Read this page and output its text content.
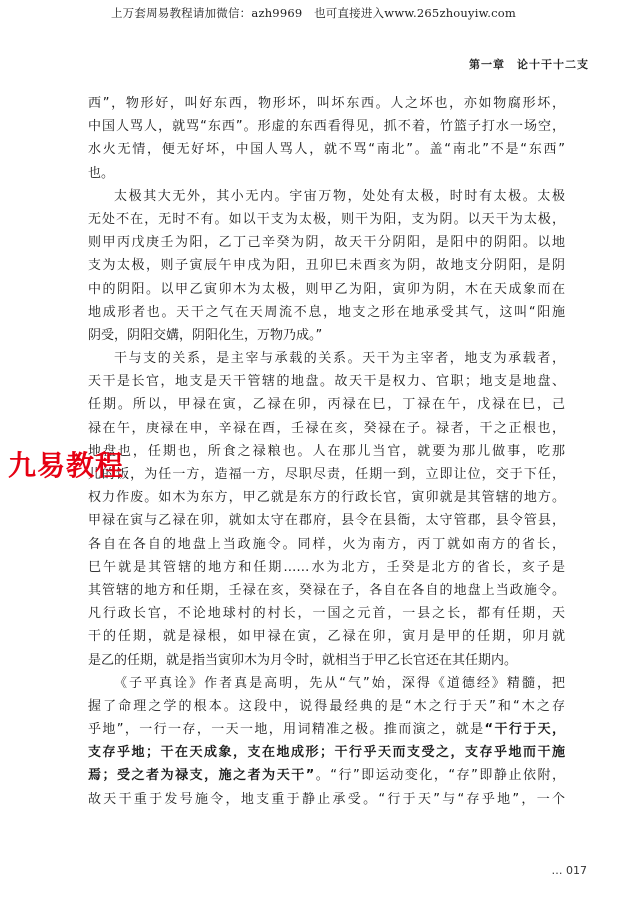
上万套周易教程请加微信：azh9969　也可直接进入www.265zhouyiw.com
第一章　论十干十二支
西”，物形好，叫好东西，物形坏，叫坏东西。人之坏也，亦如物腐形坏，
中国人骂人，就骂“东西”。形虚的东西看得见，抓不着，竹篮子打水一场空，
水火无情，便无好坏，中国人骂人，就不骂“南北”。盖“南北”不是“东西”
也。
太极其大无外，其小无内。宇宙万物，处处有太极，时时有太极。太极
无处不在，无时不有。如以干支为太极，则干为阳，支为阴。以天干为太极，
则甲丙戊庚壬为阳，乙丁己辛癸为阴，故天干分阴阳，是阳中的阴阳。以地
支为太极，则子寅辰午申戌为阳，丑卯巳未酉亥为阴，故地支分阴阳，是阴
中的阴阳。以甲乙寅卯木为太极，则甲乙为阳，寅卯为阴，木在天成象而在
地成形者也。天干之气在天周流不息，地支之形在地承受其气，这叫“阳施
阴受，阴阳交媾，阴阳化生，万物乃成。”
干与支的关系，是主宰与承载的关系。天干为主宰者，地支为承载者，
天干是长官，地支是天干管辖的地盘。故天干是权力、官职；地支是地盘、
任期。所以，甲禄在寅，乙禄在卯，丙禄在巳，丁禄在午，戊禄在巳，己
禄在午，庚禄在申，辛禄在酉，壬禄在亥，癸禄在子。禄者，干之正根也，
地盘也，任期也，所食之禄粮也。人在那儿当官，就要为那儿做事，吃那
儿的饭，为任一方，造福一方，尽职尽责，任期一到，立即让位，交于下任，
权力作废。如木为东方，甲乙就是东方的行政长官，寅卯就是其管辖的地方。
甲禄在寅与乙禄在卯，就如太守在郡府，县令在县衙，太守管郡，县令管县，
各自在各自的地盘上当政施令。同样，火为南方，丙丁就如南方的省长，
巳午就是其管辖的地方和任期……水为北方，壬癸是北方的省长，亥子是
其管辖的地方和任期，壬禄在亥，癸禄在子，各自在各自的地盘上当政施令。
凡行政长官，不论地球村的村长，一国之元首，一县之长，都有任期，天
干的任期，就是禄根，如甲禄在寅，乙禄在卯，寅月是甲的任期，卯月就
是乙的任期，就是指当寅卯木为月令时，就相当于甲乙长官还在其任期内。
《子平真诠》作者真是高明，先从“气”始，深得《道德经》精髓，把
握了命理之学的根本。这段中，说得最经典的是“木之行于天”和“木之存
乎地”，一行一存，一天一地，用词精准之极。推而演之，就是“干行于天，
支存乎地；干在天成象，支在地成形；干行乎天而支受之，支存乎地而干施
焉；受之者为禄支，施之者为天干”。“行”即运动变化，“存”即静止依附，
故天干重于发号施令，地支重于静止承受。“行于天”与“存乎地”，一个
九易教程
… 017
